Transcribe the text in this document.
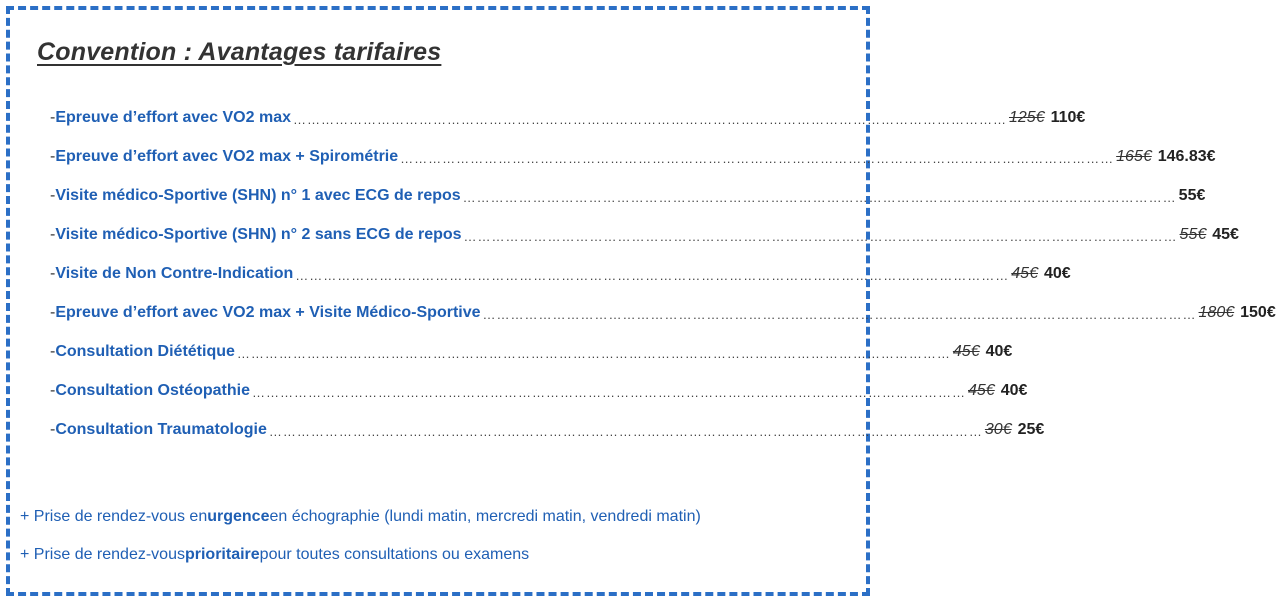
Convention : Avantages tarifaires
- Epreuve d’effort avec VO2 max ……………………………………………………………………………………………………………………………………… 125€ 110€
- Epreuve d’effort avec VO2 max + Spirométrie ……………………………………………………………………………………………………………………………………… 165€ 146.83€
- Visite médico-Sportive (SHN) n° 1 avec ECG de repos ……………………………………………………………………………………………………………………………………… 55€
- Visite médico-Sportive (SHN) n° 2 sans ECG de repos ……………………………………………………………………………………………………………………………………… 55€ 45€
- Visite de Non Contre-Indication ……………………………………………………………………………………………………………………………………… 45€ 40€
- Epreuve d’effort avec VO2 max + Visite Médico-Sportive ……………………………………………………………………………………………………………………………………… 180€ 150€
- Consultation Diététique ……………………………………………………………………………………………………………………………………… 45€ 40€
- Consultation Ostéopathie ……………………………………………………………………………………………………………………………………… 45€ 40€
- Consultation Traumatologie ……………………………………………………………………………………………………………………………………… 30€ 25€
+ Prise de rendez-vous en urgence en échographie (lundi matin, mercredi matin, vendredi matin)
+ Prise de rendez-vous prioritaire pour toutes consultations ou examens
